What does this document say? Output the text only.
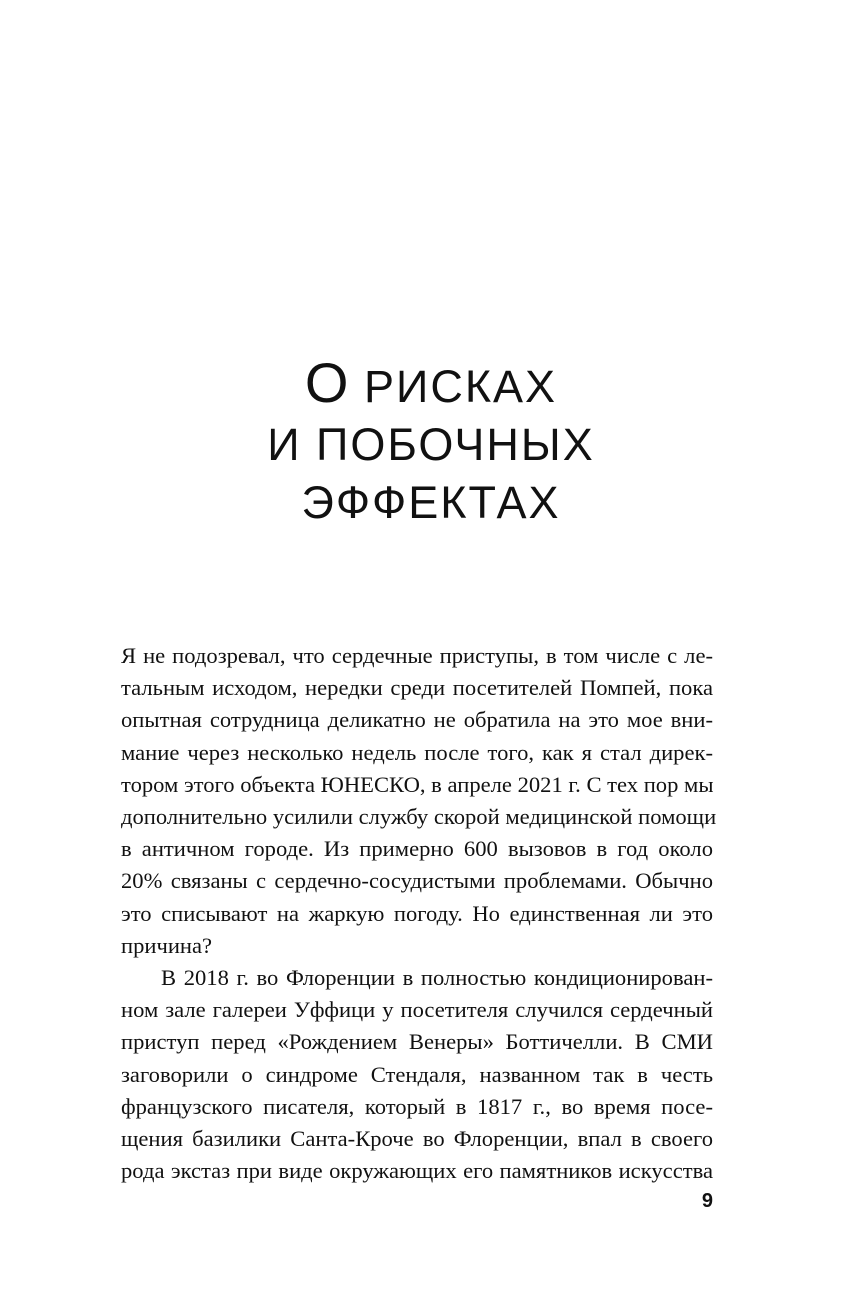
О РИСКАХ
И ПОБОЧНЫХ
ЭФФЕКТАХ
Я не подозревал, что сердечные приступы, в том числе с ле-
тальным исходом, нередки среди посетителей Помпей, пока
опытная сотрудница деликатно не обратила на это мое вни-
мание через несколько недель после того, как я стал дирек-
тором этого объекта ЮНЕСКО, в апреле 2021 г. С тех пор мы
дополнительно усилили службу скорой медицинской помощи
в античном городе. Из примерно 600 вызовов в год около
20% связаны с сердечно-сосудистыми проблемами. Обычно
это списывают на жаркую погоду. Но единственная ли это
причина?
В 2018 г. во Флоренции в полностью кондиционирован-
ном зале галереи Уффици у посетителя случился сердечный
приступ перед «Рождением Венеры» Боттичелли. В СМИ
заговорили о синдроме Стендаля, названном так в честь
французского писателя, который в 1817 г., во время посе-
щения базилики Санта-Кроче во Флоренции, впал в своего
рода экстаз при виде окружающих его памятников искусства
9
